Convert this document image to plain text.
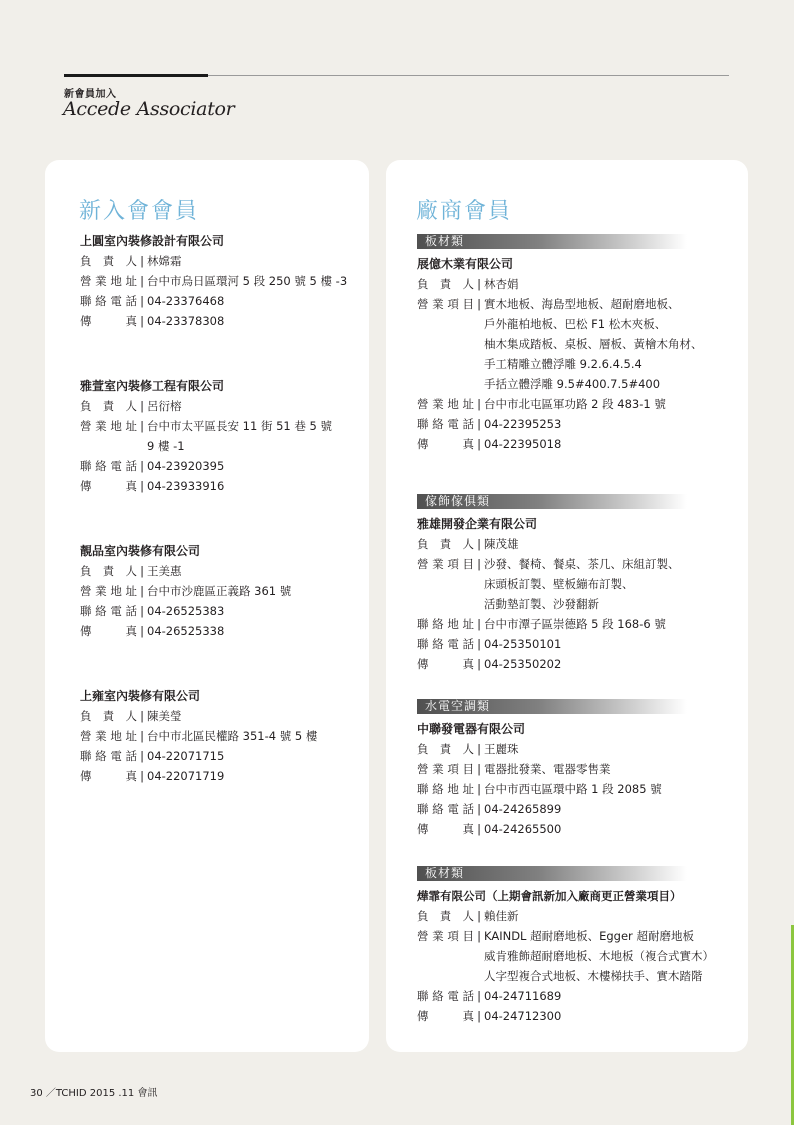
新會員加入
Accede Associator
新入會會員
上圓室內裝修設計有限公司
負責人 | 林嫦霜
營業地址 | 台中市烏日區環河 5 段 250 號 5 樓 -3
聯絡電話 | 04-23376468
傳真 | 04-23378308
雅萱室內裝修工程有限公司
負責人 | 呂衍榕
營業地址 | 台中市太平區長安 11 街 51 巷 5 號
9 樓 -1
聯絡電話 | 04-23920395
傳真 | 04-23933916
靚品室內裝修有限公司
負責人 | 王美惠
營業地址 | 台中市沙鹿區正義路 361 號
聯絡電話 | 04-26525383
傳真 | 04-26525338
上雍室內裝修有限公司
負責人 | 陳美瑩
營業地址 | 台中市北區民權路 351-4 號 5 樓
聯絡電話 | 04-22071715
傳真 | 04-22071719
廠商會員
板材類
展億木業有限公司
負責人 | 林杏娟
營業項目 | 實木地板、海島型地板、超耐磨地板、
戶外龍柏地板、巴松 F1 松木夾板、
柚木集成踏板、桌板、層板、黃檜木角材、
手工精雕立體浮雕 9.2.6.4.5.4
手括立體浮雕 9.5#400.7.5#400
營業地址 | 台中市北屯區軍功路 2 段 483-1 號
聯絡電話 | 04-22395253
傳真 | 04-22395018
傢飾傢俱類
雅雄開發企業有限公司
負責人 | 陳茂雄
營業項目 | 沙發、餐椅、餐桌、茶几、床組訂製、
床頭板訂製、壁板繃布訂製、
活動墊訂製、沙發翻新
聯絡地址 | 台中市潭子區崇德路 5 段 168-6 號
聯絡電話 | 04-25350101
傳真 | 04-25350202
水電空調類
中聯發電器有限公司
負責人 | 王麗珠
營業項目 | 電器批發業、電器零售業
聯絡地址 | 台中市西屯區環中路 1 段 2085 號
聯絡電話 | 04-24265899
傳真 | 04-24265500
板材類
燁霏有限公司（上期會訊新加入廠商更正營業項目）
負責人 | 賴佳新
營業項目 | KAINDL 超耐磨地板、Egger 超耐磨地板
威肯雅飾超耐磨地板、木地板（複合式實木）
人字型複合式地板、木樓梯扶手、實木踏階
聯絡電話 | 04-24711689
傳真 | 04-24712300
30 ／TCHID 2015 .11 會訊
